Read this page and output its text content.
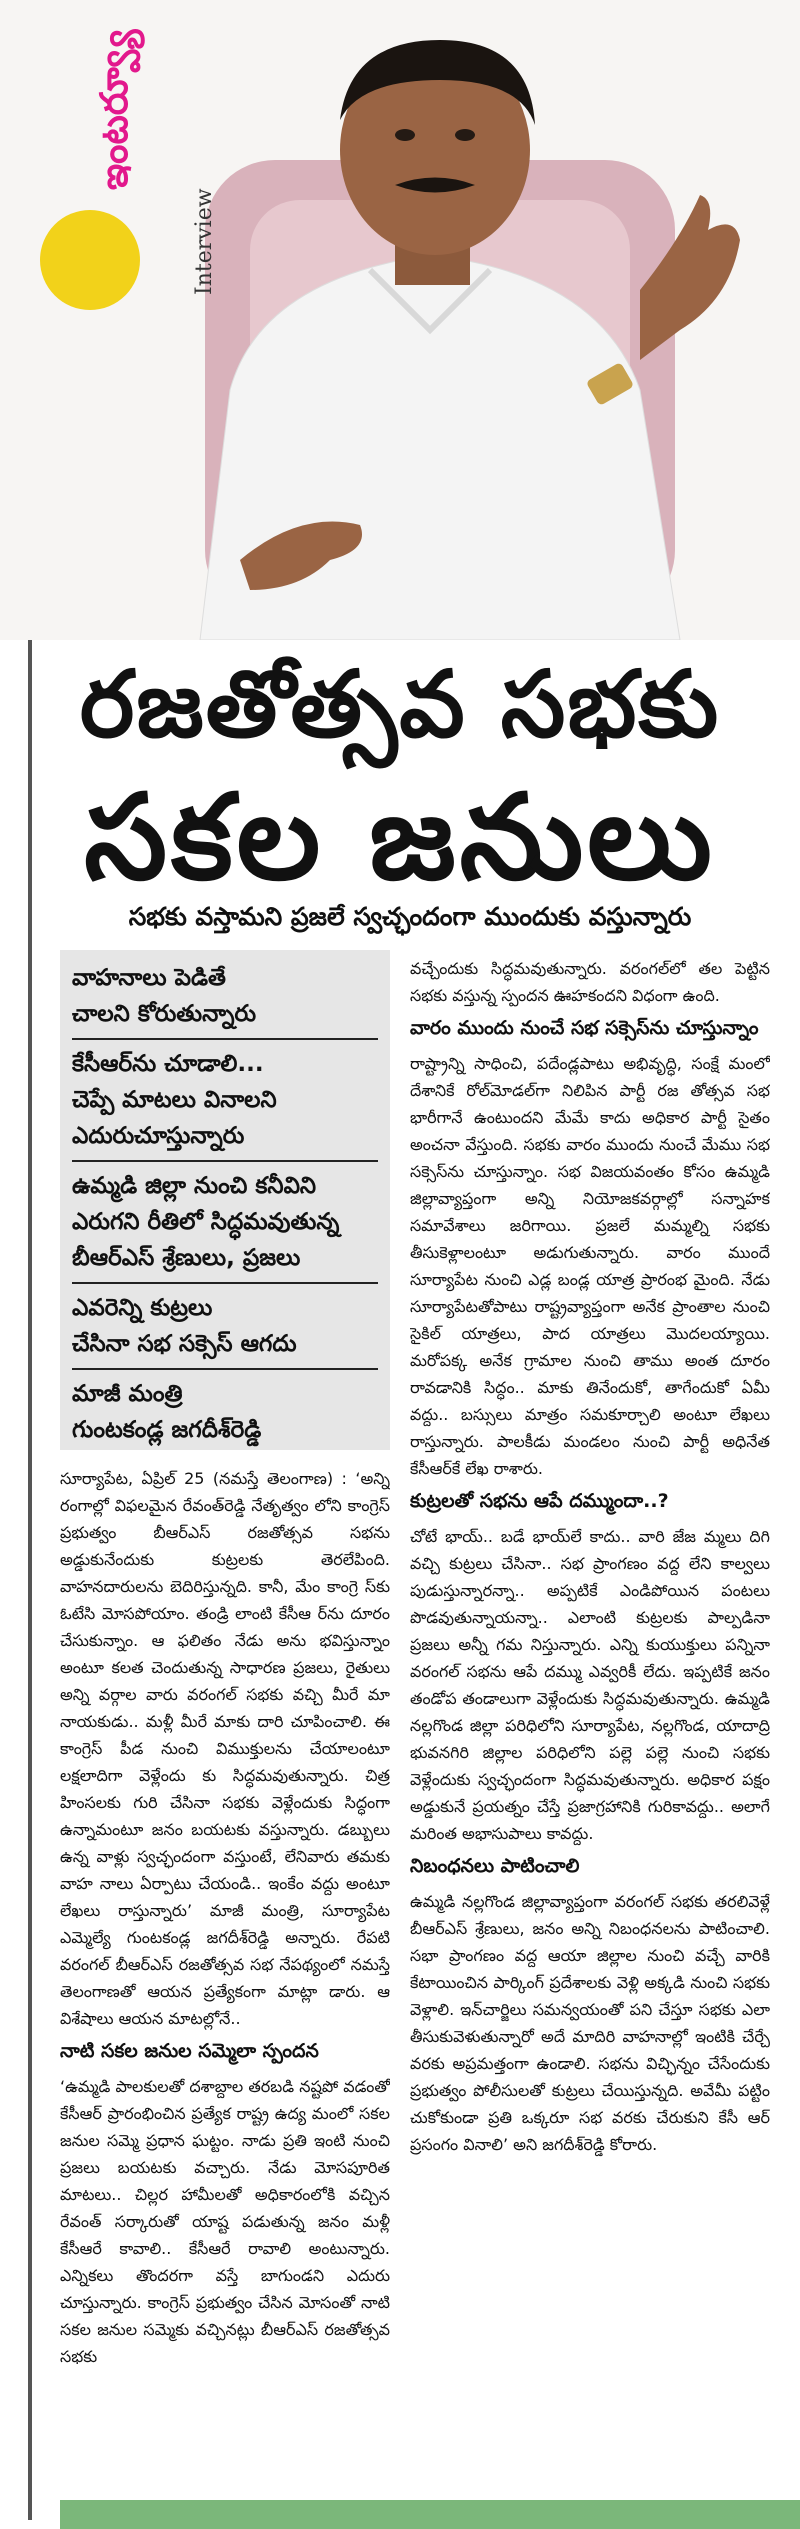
ఇంటర్వ్యూ
Interview
రజతోత్సవ సభకు
సకల జనులు
సభకు వస్తామని ప్రజలే స్వచ్ఛందంగా ముందుకు వస్తున్నారు
వాహనాలు పెడితే
చాలని కోరుతున్నారు
కేసీఆర్‌ను చూడాలి...
చెప్పే మాటలు వినాలని
ఎదురుచూస్తున్నారు
ఉమ్మడి జిల్లా నుంచి కనీవిని
ఎరుగని రీతిలో సిద్ధమవుతున్న
బీఆర్ఎస్ శ్రేణులు, ప్రజలు
ఎవరెన్ని కుట్రలు
చేసినా సభ సక్సెస్ ఆగదు
మాజీ మంత్రి
గుంటకండ్ల జగదీశ్‌రెడ్డి

సూర్యాపేట, ఏప్రిల్ 25 (నమస్తే తెలంగాణ) : ‘అన్ని రంగాల్లో విఫలమైన రేవంత్‌రెడ్డి నేతృత్వం లోని కాంగ్రెస్ ప్రభుత్వం బీఆర్ఎస్ రజతోత్సవ సభను అడ్డుకునేందుకు కుట్రలకు తెరలేపింది. వాహనదారులను బెదిరిస్తున్నది. కానీ, మేం కాంగ్రె స్‌కు ఓటేసి మోసపోయాం. తండ్రి లాంటి కేసీఆ ర్‌ను దూరం చేసుకున్నాం. ఆ ఫలితం నేడు అను భవిస్తున్నాం అంటూ కలత చెందుతున్న సాధారణ ప్రజలు, రైతులు అన్ని వర్గాల వారు వరంగల్ సభకు వచ్చి మీరే మా నాయకుడు.. మళ్లీ మీరే మాకు దారి చూపించాలి. ఈ కాంగ్రెస్ పీడ నుంచి విముక్తులను చేయాలంటూ లక్షలాదిగా వెళ్లేందు కు సిద్ధమవుతున్నారు. చిత్ర హింసలకు గురి చేసినా సభకు వెళ్లేందుకు సిద్ధంగా ఉన్నామంటూ జనం బయటకు వస్తున్నారు. డబ్బులు ఉన్న వాళ్లు స్వచ్ఛందంగా వస్తుంటే, లేనివారు తమకు వాహ నాలు ఏర్పాటు చేయండి.. ఇంకేం వద్దు అంటూ లేఖలు రాస్తున్నారు’ మాజీ మంత్రి, సూర్యాపేట ఎమ్మెల్యే గుంటకండ్ల జగదీశ్‌రెడ్డి అన్నారు. రేపటి వరంగల్ బీఆర్ఎస్ రజతోత్సవ సభ నేపథ్యంలో నమస్తే తెలంగాణతో ఆయన ప్రత్యేకంగా మాట్లా డారు. ఆ విశేషాలు ఆయన మాటల్లోనే..

నాటి సకల జనుల సమ్మెలా స్పందన

‘ఉమ్మడి పాలకులతో దశాబ్దాల తరబడి నష్టపో వడంతో కేసీఆర్ ప్రారంభించిన ప్రత్యేక రాష్ట్ర ఉద్య మంలో సకల జనుల సమ్మె ప్రధాన ఘట్టం. నాడు ప్రతి ఇంటి నుంచి ప్రజలు బయటకు వచ్చారు. నేడు మోసపూరిత మాటలు.. చిల్లర హామీలతో అధికారంలోకి వచ్చిన రేవంత్ సర్కారుతో యాష్ట పడుతున్న జనం మళ్లీ కేసీఆరే కావాలి.. కేసీఆరే రావాలి అంటున్నారు. ఎన్నికలు తొందరగా వస్తే బాగుండని ఎదురు చూస్తున్నారు. కాంగ్రెస్ ప్రభుత్వం చేసిన మోసంతో నాటి సకల జనుల సమ్మెకు వచ్చినట్లు బీఆర్ఎస్ రజతోత్సవ సభకు

వచ్చేందుకు సిద్ధమవుతున్నారు. వరంగల్‌లో తల పెట్టిన సభకు వస్తున్న స్పందన ఊహకందని విధంగా ఉంది.

వారం ముందు నుంచే సభ సక్సెస్‌ను చూస్తున్నాం

రాష్ట్రాన్ని సాధించి, పదేండ్లపాటు అభివృద్ధి, సంక్షే మంలో దేశానికే రోల్‌మోడల్‌గా నిలిపిన పార్టీ రజ తోత్సవ సభ భారీగానే ఉంటుందని మేమే కాదు అధికార పార్టీ సైతం అంచనా వేస్తుంది. సభకు వారం ముందు నుంచే మేము సభ సక్సెస్‌ను చూస్తున్నాం. సభ విజయవంతం కోసం ఉమ్మడి జిల్లావ్యాప్తంగా అన్ని నియోజకవర్గాల్లో సన్నాహక సమావేశాలు జరిగాయి. ప్రజలే మమ్మల్ని సభకు తీసుకెళ్లాలంటూ అడుగుతున్నారు. వారం ముందే సూర్యాపేట నుంచి ఎడ్ల బండ్ల యాత్ర ప్రారంభ మైంది. నేడు సూర్యాపేటతోపాటు రాష్ట్రవ్యాప్తంగా అనేక ప్రాంతాల నుంచి సైకిల్ యాత్రలు, పాద యాత్రలు మొదలయ్యాయి. మరోపక్క అనేక గ్రామాల నుంచి తాము అంత దూరం రావడానికి సిద్ధం.. మాకు తినేందుకో, తాగేందుకో ఏమీ వద్దు.. బస్సులు మాత్రం సమకూర్చాలి అంటూ లేఖలు రాస్తున్నారు. పాలకీడు మండలం నుంచి పార్టీ అధినేత కేసీఆర్‌కే లేఖ రాశారు.

కుట్రలతో సభను ఆపే దమ్ముందా..?

చోటే భాయ్.. బడే భాయ్‌లే కాదు.. వారి జేజ మ్మలు దిగి వచ్చి కుట్రలు చేసినా.. సభ ప్రాంగణం వద్ద లేని కాల్వలు పుడుస్తున్నారన్నా.. అప్పటికే ఎండిపోయిన పంటలు పొడవుతున్నాయన్నా.. ఎలాంటి కుట్రలకు పాల్పడినా ప్రజలు అన్నీ గమ నిస్తున్నారు. ఎన్ని కుయుక్తులు పన్నినా వరంగల్ సభను ఆపే దమ్ము ఎవ్వరికీ లేదు. ఇప్పటికే జనం తండోప తండాలుగా వెళ్లేందుకు సిద్ధమవుతున్నారు. ఉమ్మడి నల్లగొండ జిల్లా పరిధిలోని సూర్యాపేట, నల్లగొండ, యాదాద్రి భువనగిరి జిల్లాల పరిధిలోని పల్లె పల్లె నుంచి సభకు వెళ్లేందుకు స్వచ్ఛందంగా సిద్ధమవుతున్నారు. అధికార పక్షం అడ్డుకునే ప్రయత్నం చేస్తే ప్రజాగ్రహానికి గురికావద్దు.. అలాగే మరింత అభాసుపాలు కావద్దు.

నిబంధనలు పాటించాలి

ఉమ్మడి నల్లగొండ జిల్లావ్యాప్తంగా వరంగల్ సభకు తరలివెళ్లే బీఆర్ఎస్ శ్రేణులు, జనం అన్ని నిబంధనలను పాటించాలి. సభా ప్రాంగణం వద్ద ఆయా జిల్లాల నుంచి వచ్చే వారికి కేటాయించిన పార్కింగ్ ప్రదేశాలకు వెళ్లి అక్కడి నుంచి సభకు వెళ్లాలి. ఇన్‌చార్జిలు సమన్వయంతో పని చేస్తూ సభకు ఎలా తీసుకువెళుతున్నారో అదే మాదిరి వాహనాల్లో ఇంటికి చేర్చే వరకు అప్రమత్తంగా ఉండాలి. సభను విచ్ఛిన్నం చేసేందుకు ప్రభుత్వం పోలీసులతో కుట్రలు చేయిస్తున్నది. అవేమీ పట్టిం చుకోకుండా ప్రతి ఒక్కరూ సభ వరకు చేరుకుని కేసీ ఆర్ ప్రసంగం వినాలి’ అని జగదీశ్‌రెడ్డి కోరారు.
